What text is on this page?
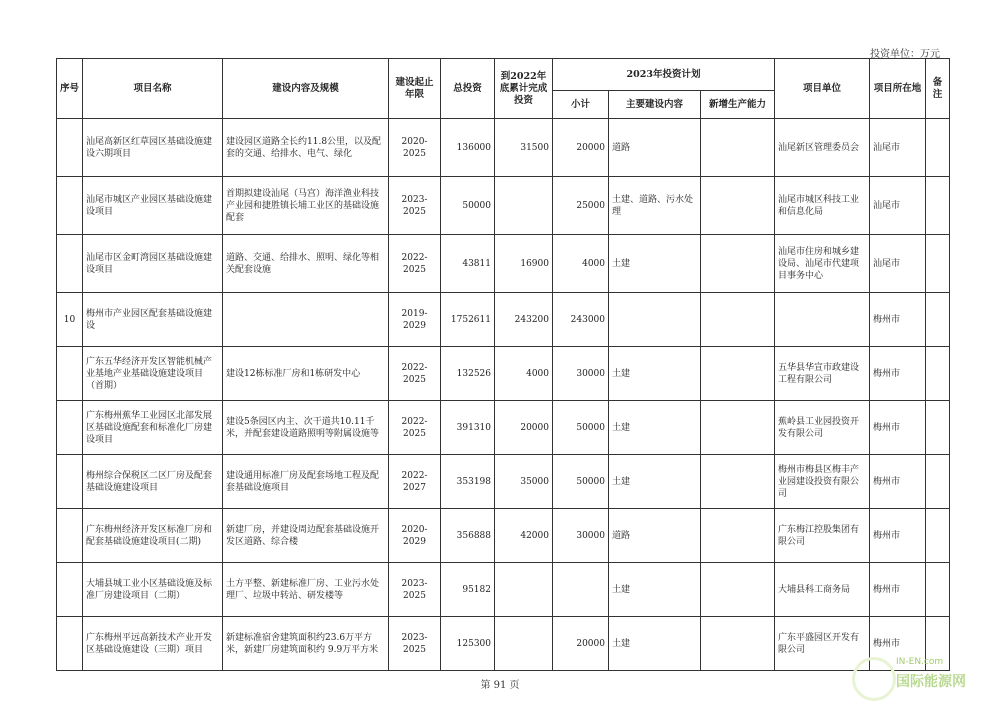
投资单位：万元
序号	项目名称	建设内容及规模	建设起止年限	总投资	到2022年底累计完成投资	2023年投资计划			项目单位	项目所在地	备注
						小计	主要建设内容	新增生产能力			
	汕尾高新区红草园区基础设施建设六期项目	建设园区道路全长约11.8公里，以及配套的交通、给排水、电气、绿化	2020-2025	136000	31500	20000	道路		汕尾新区管理委员会	汕尾市	
	汕尾市城区产业园区基础设施建设项目	首期拟建设汕尾（马宫）海洋渔业科技产业园和捷胜镇长埔工业区的基础设施配套	2023-2025	50000		25000	土建、道路、污水处理		汕尾市城区科技工业和信息化局	汕尾市	
	汕尾市区金町湾园区基础设施建设项目	道路、交通、给排水、照明、绿化等相关配套设施	2022-2025	43811	16900	4000	土建		汕尾市住房和城乡建设局、汕尾市代建项目事务中心	汕尾市	
10	梅州市产业园区配套基础设施建设		2019-2029	1752611	243200	243000				梅州市	
	广东五华经济开发区智能机械产业基地产业基础设施建设项目（首期）	建设12栋标准厂房和1栋研发中心	2022-2025	132526	4000	30000	土建		五华县华宣市政建设工程有限公司	梅州市	
	广东梅州蕉华工业园区北部发展区基础设施配套和标准化厂房建设项目	建设5条园区内主、次干道共10.11千米，并配套建设道路照明等附属设施等	2022-2025	391310	20000	50000	土建		蕉岭县工业园投资开发有限公司	梅州市	
	梅州综合保税区二区厂房及配套基础设施建设项目	建设通用标准厂房及配套场地工程及配套基础设施项目	2022-2027	353198	35000	50000	土建		梅州市梅县区梅丰产业园建设投资有限公司	梅州市	
	广东梅州经济开发区标准厂房和配套基础设施建设项目(二期)	新建厂房，并建设周边配套基础设施开发区道路、综合楼	2020-2029	356888	42000	30000	道路		广东梅江控股集团有限公司	梅州市	
	大埔县城工业小区基础设施及标准厂房建设项目（二期）	土方平整、新建标准厂房、工业污水处理厂、垃圾中转站、研发楼等	2023-2025	95182			土建		大埔县科工商务局	梅州市	
	广东梅州平远高新技术产业开发区基础设施建设（三期）项目	新建标准宿舍建筑面积约23.6万平方米，新建厂房建筑面积约 9.9万平方米	2023-2025	125300		20000	土建		广东平盛园区开发有限公司	梅州市	
第 91 页
IN-EN.com
国际能源网
